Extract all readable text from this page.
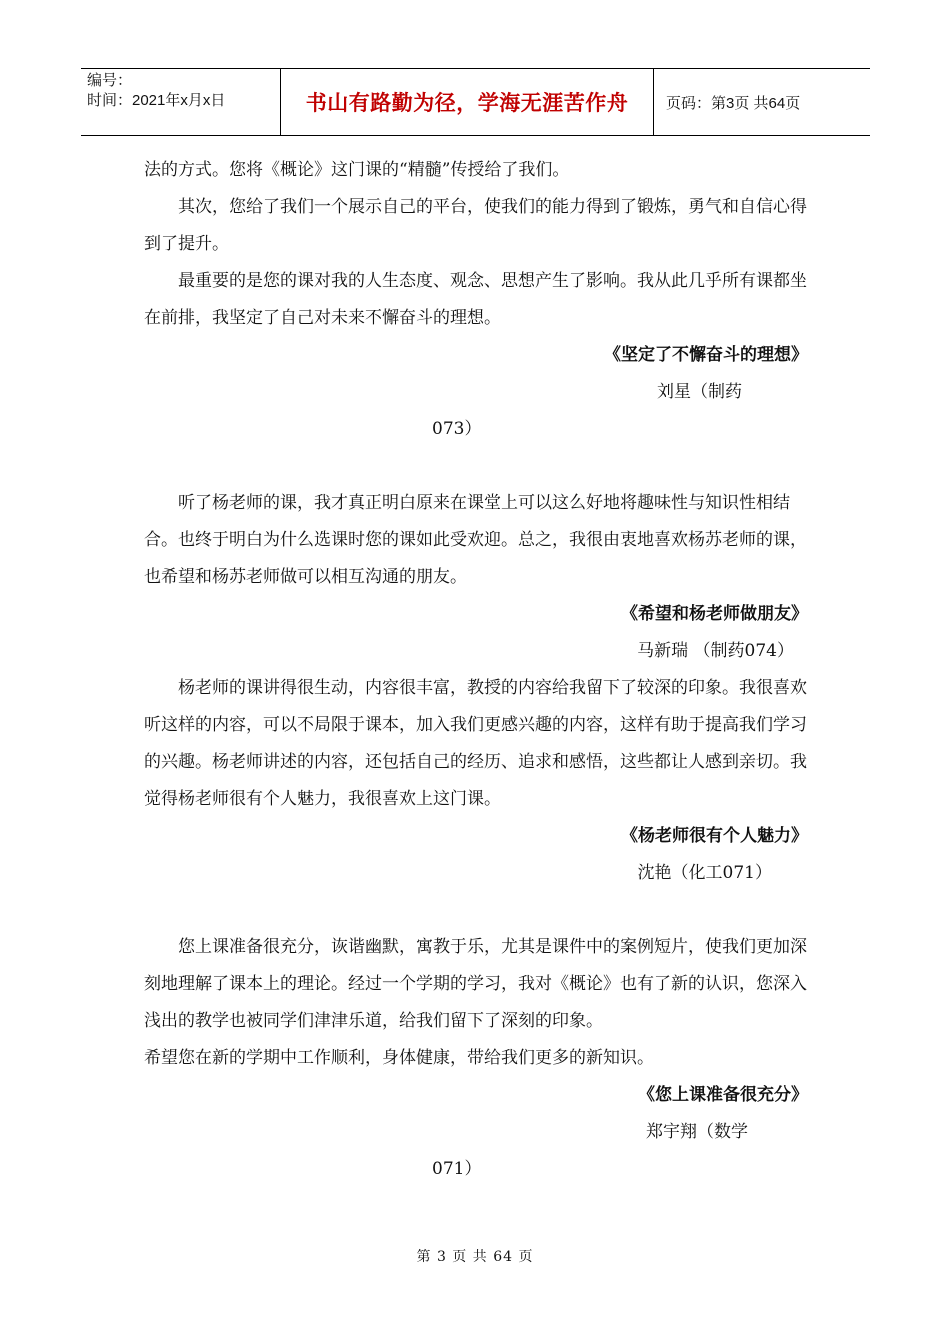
编号：
时间：2021年x月x日	书山有路勤为径，学海无涯苦作舟	页码：第3页 共64页

法的方式。您将《概论》这门课的“精髓”传授给了我们。

其次，您给了我们一个展示自己的平台，使我们的能力得到了锻炼，勇气和自信心得到了提升。

最重要的是您的课对我的人生态度、观念、思想产生了影响。我从此几乎所有课都坐在前排，我坚定了自己对未来不懈奋斗的理想。

《坚定了不懈奋斗的理想》

刘星（制药

073）

听了杨老师的课，我才真正明白原来在课堂上可以这么好地将趣味性与知识性相结合。也终于明白为什么选课时您的课如此受欢迎。总之，我很由衷地喜欢杨苏老师的课，也希望和杨苏老师做可以相互沟通的朋友。

《希望和杨老师做朋友》

马新瑞 （制药074）

杨老师的课讲得很生动，内容很丰富，教授的内容给我留下了较深的印象。我很喜欢听这样的内容，可以不局限于课本，加入我们更感兴趣的内容，这样有助于提高我们学习的兴趣。杨老师讲述的内容，还包括自己的经历、追求和感悟，这些都让人感到亲切。我觉得杨老师很有个人魅力，我很喜欢上这门课。

《杨老师很有个人魅力》

沈艳（化工071）

您上课准备很充分，诙谐幽默，寓教于乐，尤其是课件中的案例短片，使我们更加深刻地理解了课本上的理论。经过一个学期的学习，我对《概论》也有了新的认识，您深入浅出的教学也被同学们津津乐道，给我们留下了深刻的印象。

希望您在新的学期中工作顺利，身体健康，带给我们更多的新知识。

《您上课准备很充分》

郑宇翔（数学

071）

第 3 页 共 64 页
